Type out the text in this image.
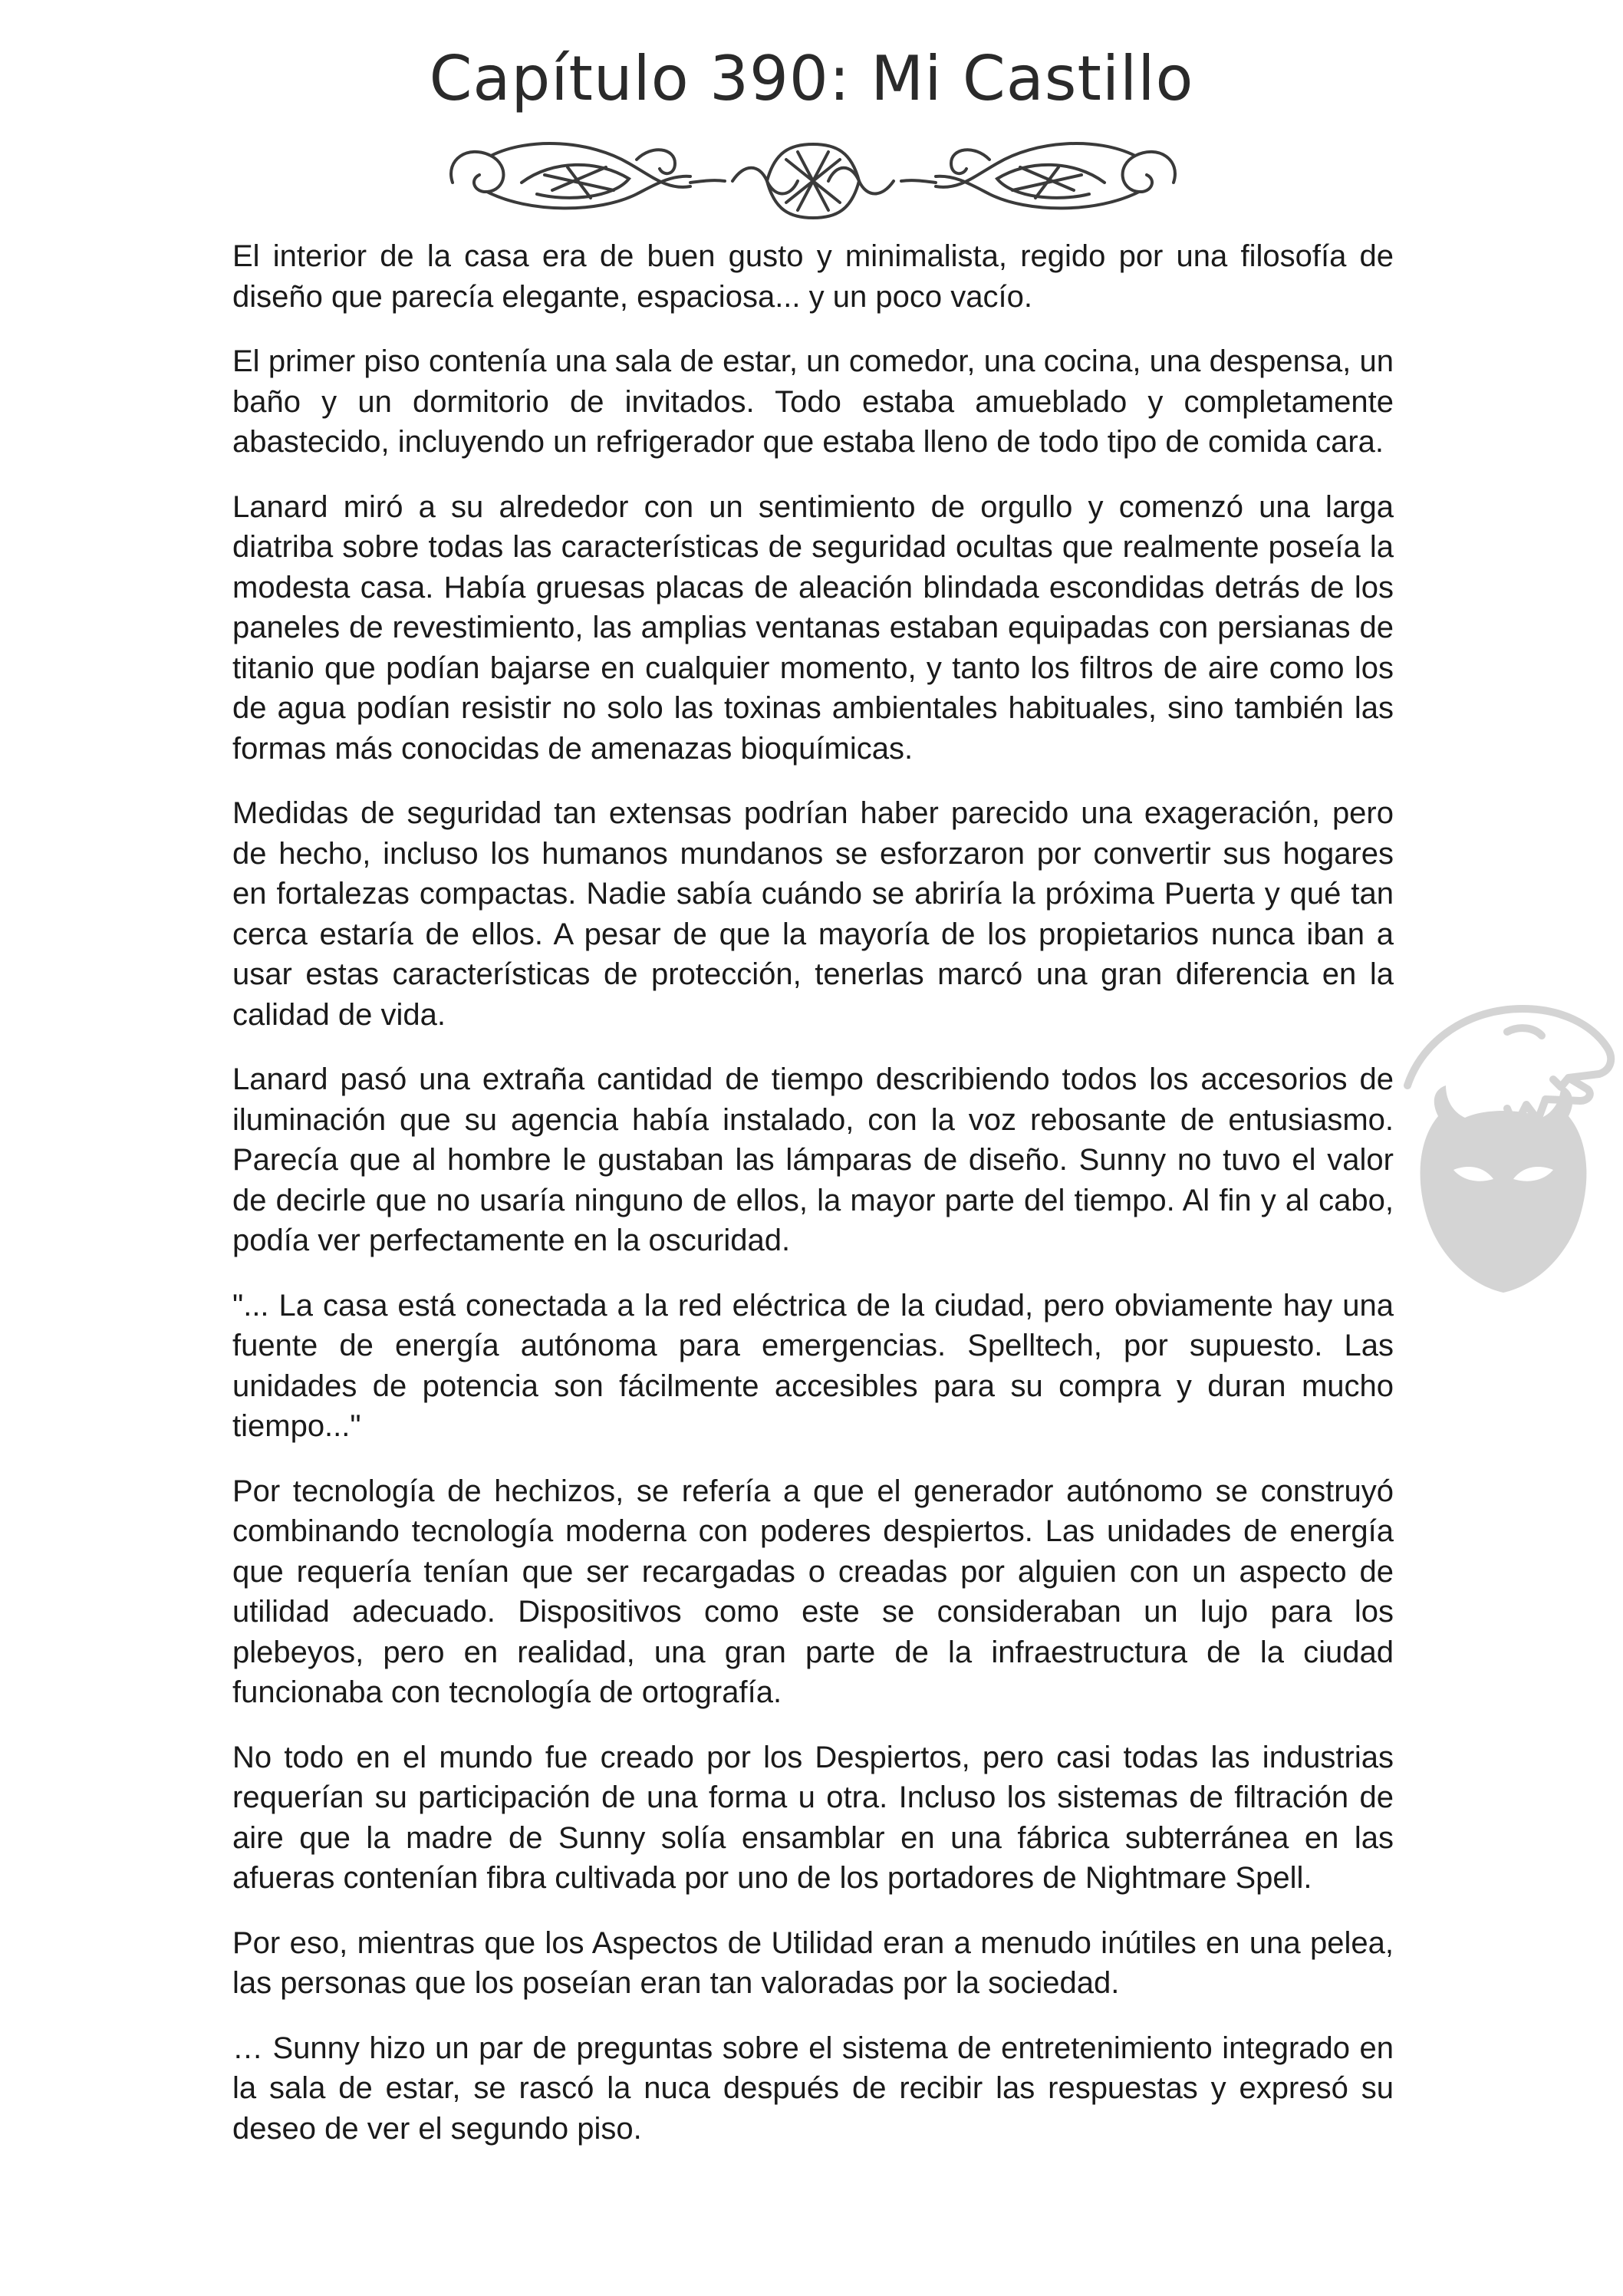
Capítulo 390: Mi Castillo

El interior de la casa era de buen gusto y minimalista, regido por una filosofía de diseño que parecía elegante, espaciosa... y un poco vacío.

El primer piso contenía una sala de estar, un comedor, una cocina, una despensa, un baño y un dormitorio de invitados. Todo estaba amueblado y completamente abastecido, incluyendo un refrigerador que estaba lleno de todo tipo de comida cara.

Lanard miró a su alrededor con un sentimiento de orgullo y comenzó una larga diatriba sobre todas las características de seguridad ocultas que realmente poseía la modesta casa. Había gruesas placas de aleación blindada escondidas detrás de los paneles de revestimiento, las amplias ventanas estaban equipadas con persianas de titanio que podían bajarse en cualquier momento, y tanto los filtros de aire como los de agua podían resistir no solo las toxinas ambientales habituales, sino también las formas más conocidas de amenazas bioquímicas.

Medidas de seguridad tan extensas podrían haber parecido una exageración, pero de hecho, incluso los humanos mundanos se esforzaron por convertir sus hogares en fortalezas compactas. Nadie sabía cuándo se abriría la próxima Puerta y qué tan cerca estaría de ellos. A pesar de que la mayoría de los propietarios nunca iban a usar estas características de protección, tenerlas marcó una gran diferencia en la calidad de vida.

Lanard pasó una extraña cantidad de tiempo describiendo todos los accesorios de iluminación que su agencia había instalado, con la voz rebosante de entusiasmo. Parecía que al hombre le gustaban las lámparas de diseño. Sunny no tuvo el valor de decirle que no usaría ninguno de ellos, la mayor parte del tiempo. Al fin y al cabo, podía ver perfectamente en la oscuridad.

"... La casa está conectada a la red eléctrica de la ciudad, pero obviamente hay una fuente de energía autónoma para emergencias. Spelltech, por supuesto. Las unidades de potencia son fácilmente accesibles para su compra y duran mucho tiempo..."

Por tecnología de hechizos, se refería a que el generador autónomo se construyó combinando tecnología moderna con poderes despiertos. Las unidades de energía que requería tenían que ser recargadas o creadas por alguien con un aspecto de utilidad adecuado. Dispositivos como este se consideraban un lujo para los plebeyos, pero en realidad, una gran parte de la infraestructura de la ciudad funcionaba con tecnología de ortografía.

No todo en el mundo fue creado por los Despiertos, pero casi todas las industrias requerían su participación de una forma u otra. Incluso los sistemas de filtración de aire que la madre de Sunny solía ensamblar en una fábrica subterránea en las afueras contenían fibra cultivada por uno de los portadores de Nightmare Spell.

Por eso, mientras que los Aspectos de Utilidad eran a menudo inútiles en una pelea, las personas que los poseían eran tan valoradas por la sociedad.

… Sunny hizo un par de preguntas sobre el sistema de entretenimiento integrado en la sala de estar, se rascó la nuca después de recibir las respuestas y expresó su deseo de ver el segundo piso.
